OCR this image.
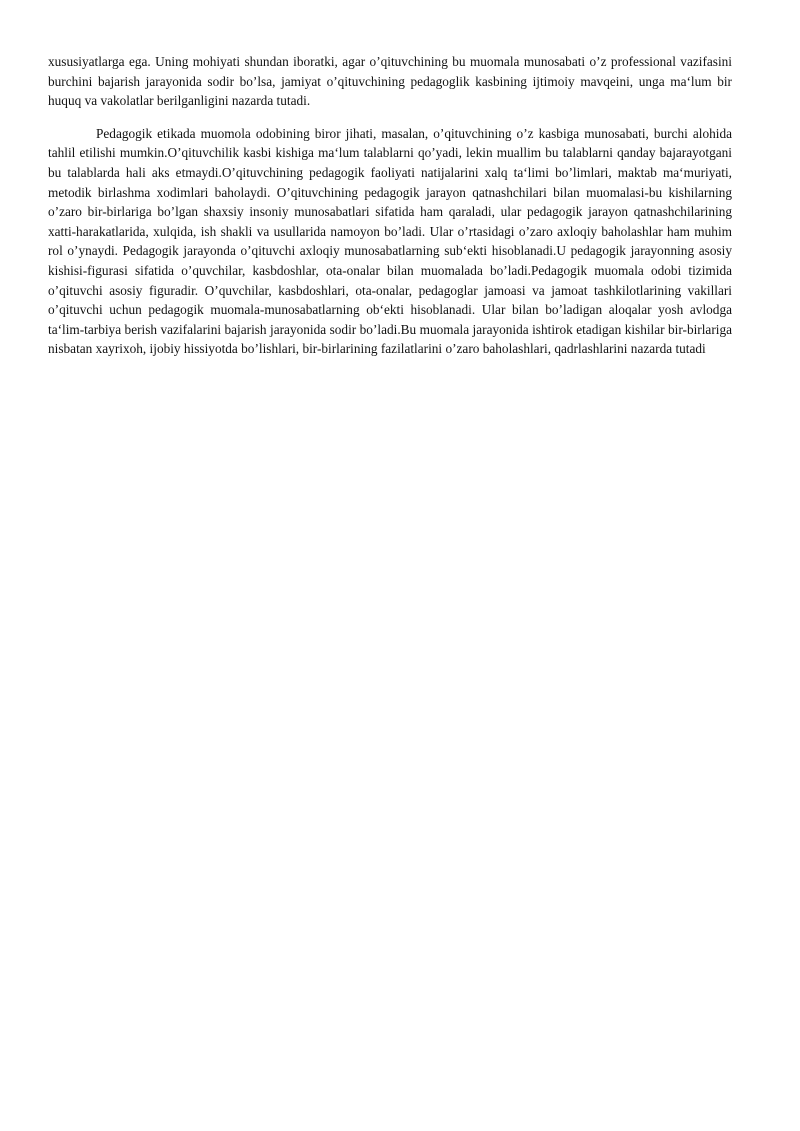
xususiyatlarga ega. Uning mohiyati shundan iboratki, agar o’qituvchining bu muomala munosabati o’z professional vazifasini burchini bajarish jarayonida sodir bo’lsa, jamiyat o’qituvchining pedagoglik kasbining ijtimoiy mavqeini, unga ma‘lum bir huquq va vakolatlar berilganligini nazarda tutadi.

Pedagogik etikada muomola odobining biror jihati, masalan, o’qituvchining o’z kasbiga munosabati, burchi alohida tahlil etilishi mumkin.O’qituvchilik kasbi kishiga ma‘lum talablarni qo’yadi, lekin muallim bu talablarni qanday bajarayotgani bu talablarda hali aks etmaydi.O’qituvchining pedagogik faoliyati natijalarini xalq ta‘limi bo’limlari, maktab ma‘muriyati, metodik birlashma xodimlari baholaydi. O’qituvchining pedagogik jarayon qatnashchilari bilan muomalasi-bu kishilarning o’zaro bir-birlariga bo’lgan shaxsiy insoniy munosabatlari sifatida ham qaraladi, ular pedagogik jarayon qatnashchilarining xatti-harakatlarida, xulqida, ish shakli va usullarida namoyon bo’ladi. Ular o’rtasidagi o’zaro axloqiy baholashlar ham muhim rol o’ynaydi. Pedagogik jarayonda o’qituvchi axloqiy munosabatlarning sub‘ekti hisoblanadi.U pedagogik jarayonning asosiy kishisi-figurasi sifatida o’quvchilar, kasbdoshlar, ota-onalar bilan muomalada bo’ladi.Pedagogik muomala odobi tizimida o’qituvchi asosiy figuradir. O’quvchilar, kasbdoshlari, ota-onalar, pedagoglar jamoasi va jamoat tashkilotlarining vakillari o’qituvchi uchun pedagogik muomala-munosabatlarning ob‘ekti hisoblanadi. Ular bilan bo’ladigan aloqalar yosh avlodga ta‘lim-tarbiya berish vazifalarini bajarish jarayonida sodir bo’ladi.Bu muomala jarayonida ishtirok etadigan kishilar bir-birlariga nisbatan xayrixoh, ijobiy hissiyotda bo’lishlari, bir-birlarining fazilatlarini o’zaro baholashlari, qadrlashlarini nazarda tutadi
